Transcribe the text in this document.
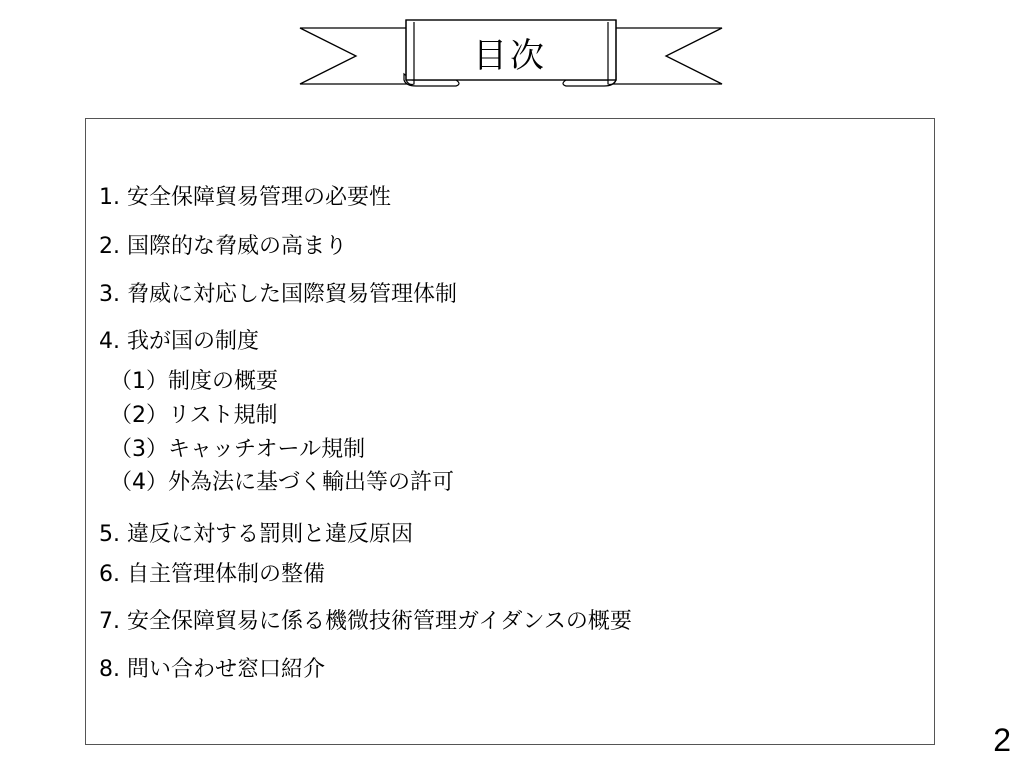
目次
1. 安全保障貿易管理の必要性
2. 国際的な脅威の高まり
3. 脅威に対応した国際貿易管理体制
4. 我が国の制度
（1）制度の概要
（2）リスト規制
（3）キャッチオール規制
（4）外為法に基づく輸出等の許可
5. 違反に対する罰則と違反原因
6. 自主管理体制の整備
7. 安全保障貿易に係る機微技術管理ガイダンスの概要
8. 問い合わせ窓口紹介
2
